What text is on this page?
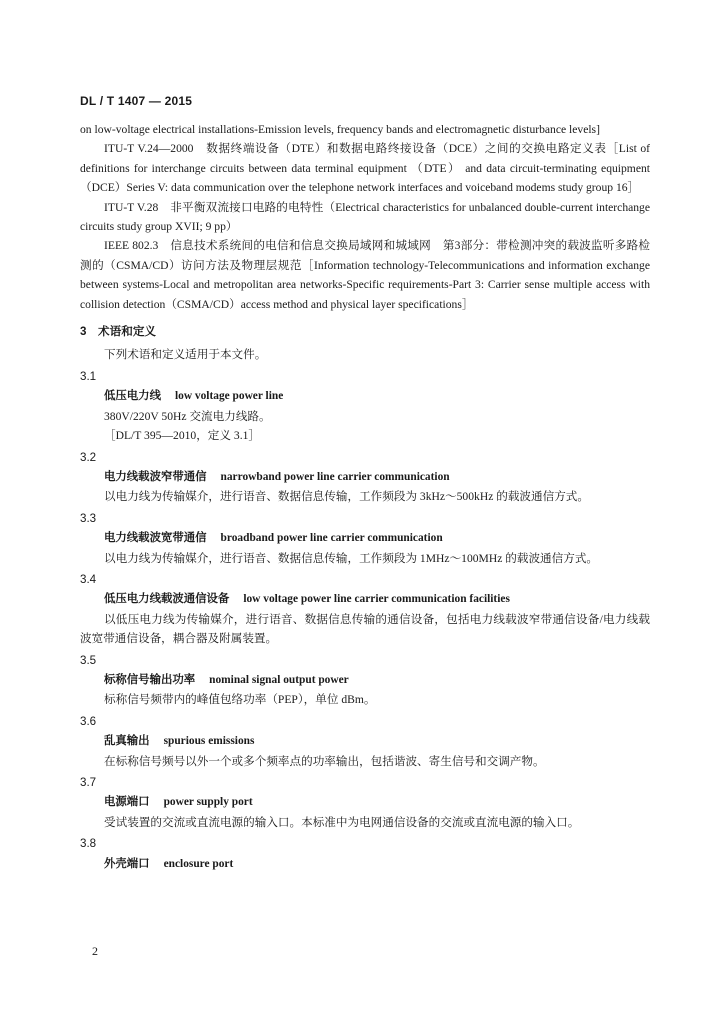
DL / T 1407 — 2015

on low-voltage electrical installations-Emission levels, frequency bands and electromagnetic disturbance levels]

ITU-T V.24—2000　数据终端设备（DTE）和数据电路终接设备（DCE）之间的交换电路定义表［List of definitions for interchange circuits between data terminal equipment （DTE） and data circuit-terminating equipment（DCE）Series V: data communication over the telephone network interfaces and voiceband modems study group 16］

ITU-T V.28　非平衡双流接口电路的电特性（Electrical characteristics for unbalanced double-current interchange circuits study group XVII; 9 pp）

IEEE 802.3　信息技术系统间的电信和信息交换局域网和城域网　第3部分：带检测冲突的载波监听多路检测的（CSMA/CD）访问方法及物理层规范［Information technology-Telecommunications and information exchange between systems-Local and metropolitan area networks-Specific requirements-Part 3: Carrier sense multiple access with collision detection（CSMA/CD）access method and physical layer specifications］

3　术语和定义

下列术语和定义适用于本文件。

3.1
低压电力线 low voltage power line

380V/220V 50Hz 交流电力线路。

［DL/T 395—2010，定义 3.1］

3.2
电力线载波窄带通信 narrowband power line carrier communication

以电力线为传输媒介，进行语音、数据信息传输，工作频段为 3kHz～500kHz 的载波通信方式。

3.3
电力线载波宽带通信 broadband power line carrier communication

以电力线为传输媒介，进行语音、数据信息传输，工作频段为 1MHz～100MHz 的载波通信方式。

3.4
低压电力线载波通信设备 low voltage power line carrier communication facilities

以低压电力线为传输媒介，进行语音、数据信息传输的通信设备，包括电力线载波窄带通信设备/电力线载波宽带通信设备，耦合器及附属装置。

3.5
标称信号输出功率 nominal signal output power

标称信号频带内的峰值包络功率（PEP），单位 dBm。

3.6
乱真输出 spurious emissions

在标称信号频号以外一个或多个频率点的功率输出，包括谐波、寄生信号和交调产物。

3.7
电源端口 power supply port

受试装置的交流或直流电源的输入口。本标准中为电网通信设备的交流或直流电源的输入口。

3.8
外壳端口 enclosure port
2
